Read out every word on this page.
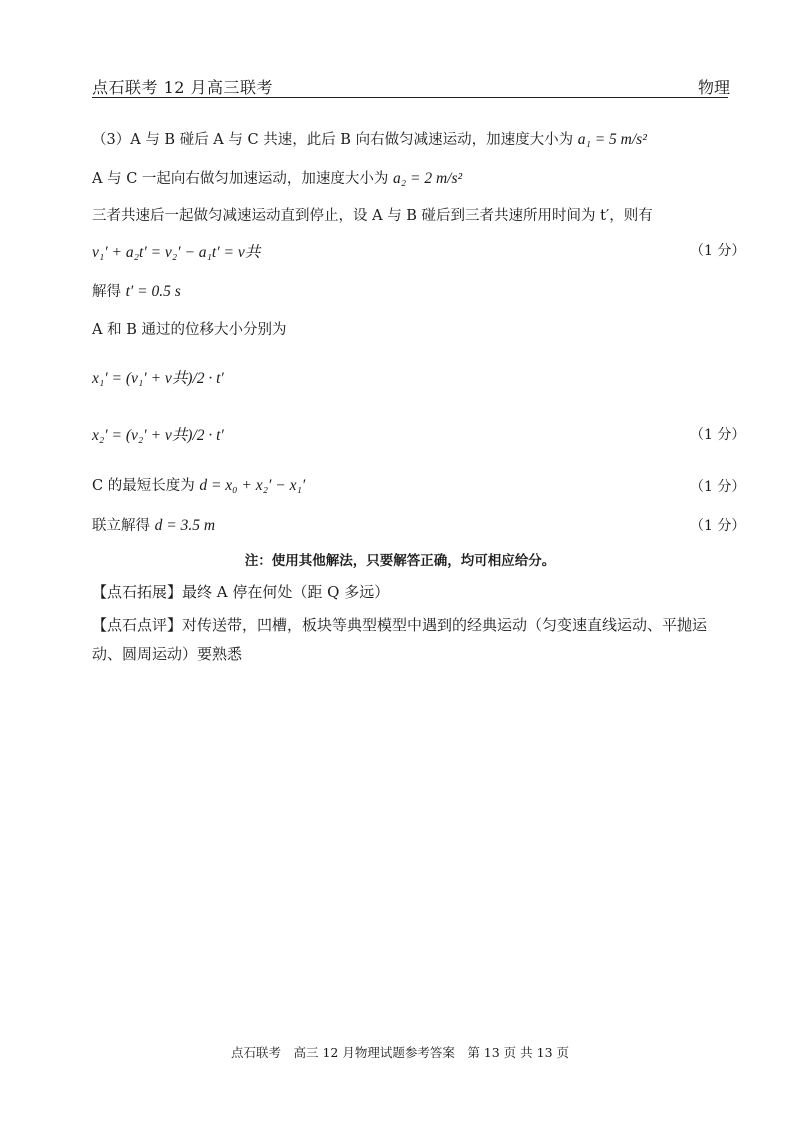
点石联考 12 月高三联考	物理
（3）A 与 B 碰后 A 与 C 共速，此后 B 向右做匀减速运动，加速度大小为 a₁ = 5 m/s²
A 与 C 一起向右做匀加速运动，加速度大小为 a₂ = 2 m/s²
三者共速后一起做匀减速运动直到停止，设 A 与 B 碰后到三者共速所用时间为 t′，则有
v₁′ + a₂t′ = v₂′ − a₁t′ = v共	（1 分）
解得 t′ = 0.5 s
A 和 B 通过的位移大小分别为
x₁′ = (v₁′ + v共)/2 · t′
x₂′ = (v₂′ + v共)/2 · t′	（1 分）
C 的最短长度为 d = x₀ + x₂′ − x₁′	（1 分）
联立解得 d = 3.5 m	（1 分）
注：使用其他解法，只要解答正确，均可相应给分。
【点石拓展】最终 A 停在何处（距 Q 多远）
【点石点评】对传送带，凹槽，板块等典型模型中遇到的经典运动（匀变速直线运动、平抛运
动、圆周运动）要熟悉
点石联考　高三 12 月物理试题参考答案　第 13 页 共 13 页
